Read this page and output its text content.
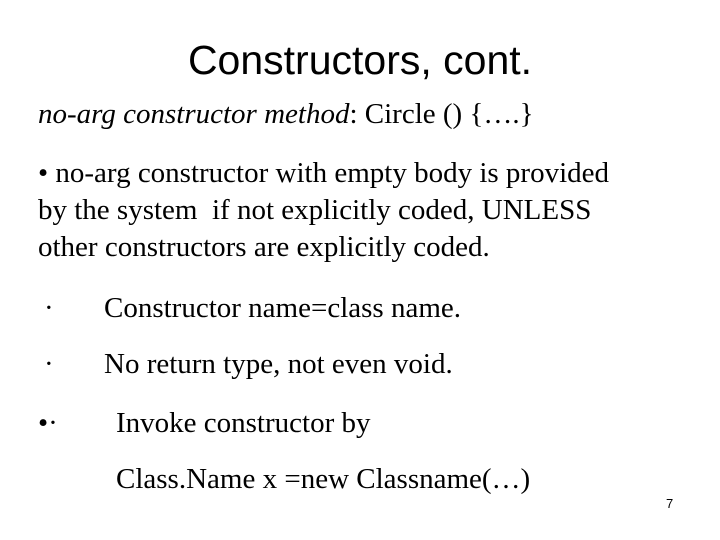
Constructors, cont.
no-arg constructor method: Circle () {….}
• no-arg constructor with empty body is provided
by the system  if not explicitly coded, UNLESS
other constructors are explicitly coded.
· Constructor name=class name.
· No return type, not even void.
•· Invoke constructor by
Class.Name x =new Classname(…)
7
